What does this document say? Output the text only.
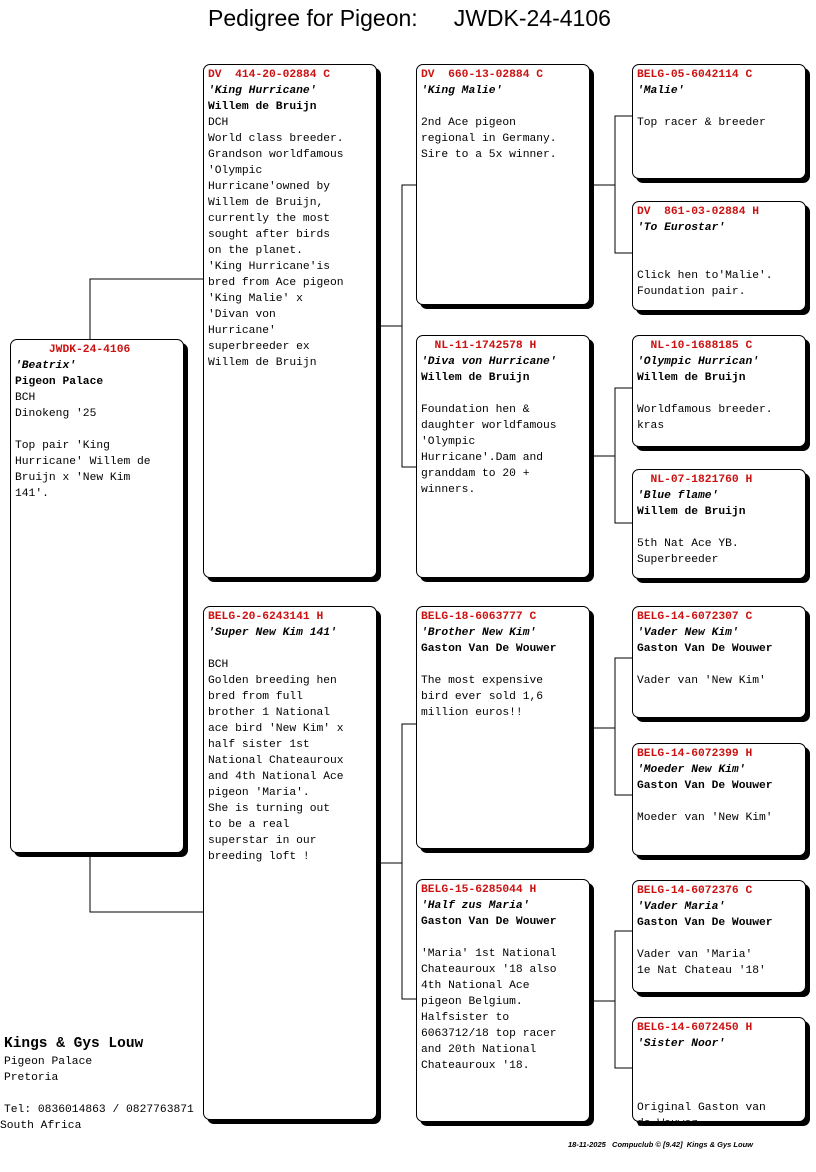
Pedigree for Pigeon: JWDK-24-4106
JWDK-24-4106
'Beatrix'
Pigeon Palace
BCH
Dinokeng '25

Top pair 'King
Hurricane' Willem de
Bruijn x 'New Kim
141'.
DV  414-20-02884 C
'King Hurricane'
Willem de Bruijn
DCH
World class breeder.
Grandson worldfamous
'Olympic
Hurricane'owned by
Willem de Bruijn,
currently the most
sought after birds
on the planet.
'King Hurricane'is
bred from Ace pigeon
'King Malie' x
'Divan von
Hurricane'
superbreeder ex
Willem de Bruijn
BELG-20-6243141 H
'Super New Kim 141'

BCH
Golden breeding hen
bred from full
brother 1 National
ace bird 'New Kim' x
half sister 1st
National Chateauroux
and 4th National Ace
pigeon 'Maria'.
She is turning out
to be a real
superstar in our
breeding loft !
DV  660-13-02884 C
'King Malie'

2nd Ace pigeon
regional in Germany.
Sire to a 5x winner.
NL-11-1742578 H
'Diva von Hurricane'
Willem de Bruijn

Foundation hen &
daughter worldfamous
'Olympic
Hurricane'.Dam and
granddam to 20 +
winners.
BELG-18-6063777 C
'Brother New Kim'
Gaston Van De Wouwer

The most expensive
bird ever sold 1,6
million euros!!
BELG-15-6285044 H
'Half zus Maria'
Gaston Van De Wouwer

'Maria' 1st National
Chateauroux '18 also
4th National Ace
pigeon Belgium.
Halfsister to
6063712/18 top racer
and 20th National
Chateauroux '18.
BELG-05-6042114 C
'Malie'

Top racer & breeder
DV  861-03-02884 H
'To Eurostar'

Click hen to'Malie'.
Foundation pair.
NL-10-1688185 C
'Olympic Hurrican'
Willem de Bruijn

Worldfamous breeder.
kras
NL-07-1821760 H
'Blue flame'
Willem de Bruijn

5th Nat Ace YB.
Superbreeder
BELG-14-6072307 C
'Vader New Kim'
Gaston Van De Wouwer

Vader van 'New Kim'
BELG-14-6072399 H
'Moeder New Kim'
Gaston Van De Wouwer

Moeder van 'New Kim'
BELG-14-6072376 C
'Vader Maria'
Gaston Van De Wouwer

Vader van 'Maria'
1e Nat Chateau '18'
BELG-14-6072450 H
'Sister Noor'

Original Gaston van
de Wouwer
Kings & Gys Louw
Pigeon Palace
Pretoria
Tel: 0836014863 / 0827763871
South Africa
18-11-2025   Compuclub © [9.42]  Kings & Gys Louw
